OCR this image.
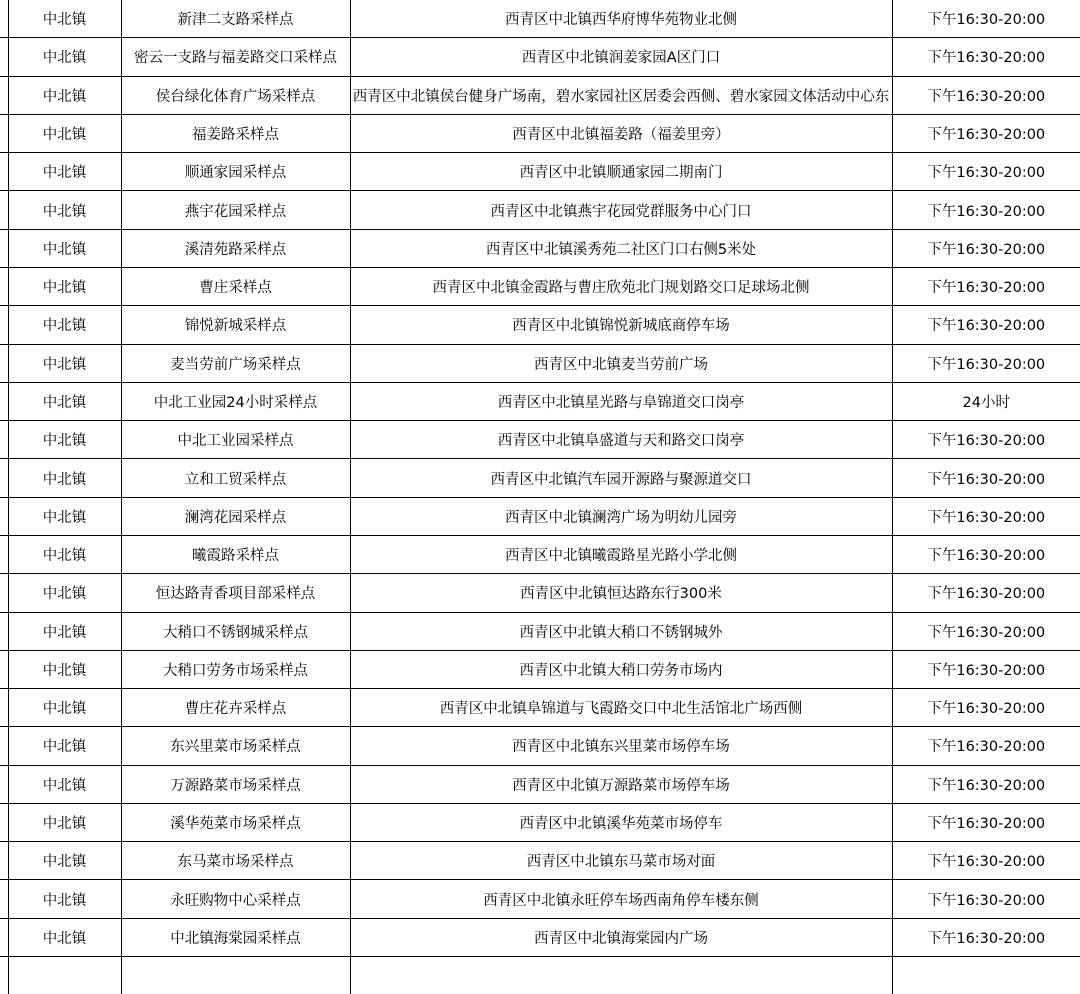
	中北镇	新津二支路采样点	西青区中北镇西华府博华苑物业北侧	下午16:30-20:00
	中北镇	密云一支路与福姜路交口采样点	西青区中北镇润姜家园A区门口	下午16:30-20:00
	中北镇	侯台绿化体育广场采样点	西青区中北镇侯台健身广场南，碧水家园社区居委会西侧、碧水家园文体活动中心东	下午16:30-20:00
	中北镇	福姜路采样点	西青区中北镇福姜路（福姜里旁）	下午16:30-20:00
	中北镇	顺通家园采样点	西青区中北镇顺通家园二期南门	下午16:30-20:00
	中北镇	燕宇花园采样点	西青区中北镇燕宇花园党群服务中心门口	下午16:30-20:00
	中北镇	溪清苑路采样点	西青区中北镇溪秀苑二社区门口右侧5米处	下午16:30-20:00
	中北镇	曹庄采样点	西青区中北镇金霞路与曹庄欣苑北门规划路交口足球场北侧	下午16:30-20:00
	中北镇	锦悦新城采样点	西青区中北镇锦悦新城底商停车场	下午16:30-20:00
	中北镇	麦当劳前广场采样点	西青区中北镇麦当劳前广场	下午16:30-20:00
	中北镇	中北工业园24小时采样点	西青区中北镇星光路与阜锦道交口岗亭	24小时
	中北镇	中北工业园采样点	西青区中北镇阜盛道与天和路交口岗亭	下午16:30-20:00
	中北镇	立和工贸采样点	西青区中北镇汽车园开源路与聚源道交口	下午16:30-20:00
	中北镇	澜湾花园采样点	西青区中北镇澜湾广场为明幼儿园旁	下午16:30-20:00
	中北镇	曦霞路采样点	西青区中北镇曦霞路星光路小学北侧	下午16:30-20:00
	中北镇	恒达路青香项目部采样点	西青区中北镇恒达路东行300米	下午16:30-20:00
	中北镇	大稍口不锈钢城采样点	西青区中北镇大稍口不锈钢城外	下午16:30-20:00
	中北镇	大稍口劳务市场采样点	西青区中北镇大稍口劳务市场内	下午16:30-20:00
	中北镇	曹庄花卉采样点	西青区中北镇阜锦道与飞霞路交口中北生活馆北广场西侧	下午16:30-20:00
	中北镇	东兴里菜市场采样点	西青区中北镇东兴里菜市场停车场	下午16:30-20:00
	中北镇	万源路菜市场采样点	西青区中北镇万源路菜市场停车场	下午16:30-20:00
	中北镇	溪华苑菜市场采样点	西青区中北镇溪华苑菜市场停车	下午16:30-20:00
	中北镇	东马菜市场采样点	西青区中北镇东马菜市场对面	下午16:30-20:00
	中北镇	永旺购物中心采样点	西青区中北镇永旺停车场西南角停车楼东侧	下午16:30-20:00
	中北镇	中北镇海棠园采样点	西青区中北镇海棠园内广场	下午16:30-20:00
